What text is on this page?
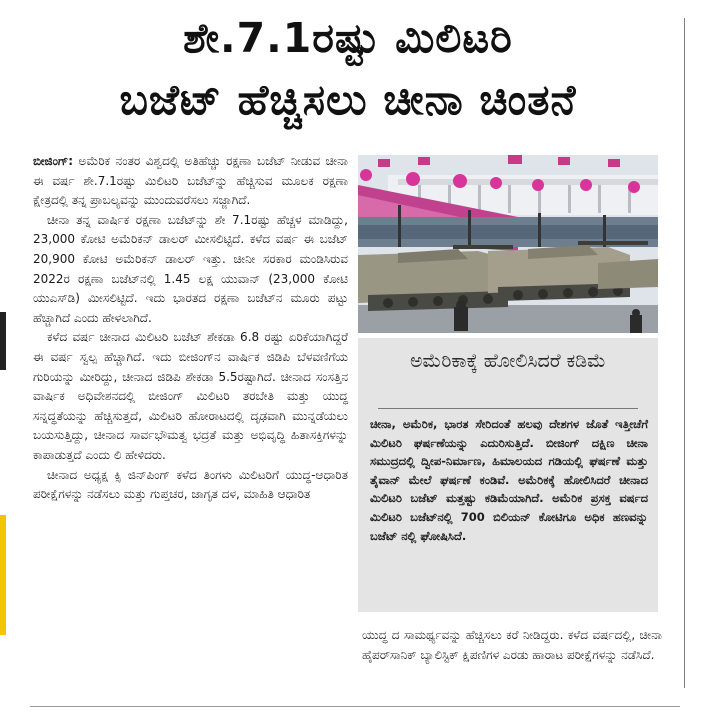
ಶೇ.7.1ರಷ್ಟು ಮಿಲಿಟರಿ
ಬಜೆಟ್ ಹೆಚ್ಚಿಸಲು ಚೀನಾ ಚಿಂತನೆ

ಬೀಜಿಂಗ್: ಅಮೆರಿಕ ನಂತರ ವಿಶ್ವದಲ್ಲಿ ಅತಿಹೆಚ್ಚು ರಕ್ಷಣಾ ಬಜೆಟ್ ನೀಡುವ ಚೀನಾ ಈ ವರ್ಷ ಶೇ.7.1ರಷ್ಟು ಮಿಲಿಟರಿ ಬಜೆಟ್‌ನ್ನು ಹೆಚ್ಚಿಸುವ ಮೂಲಕ ರಕ್ಷಣಾ ಕ್ಷೇತ್ರದಲ್ಲಿ ತನ್ನ ಪ್ರಾಬಲ್ಯವನ್ನು ಮುಂದುವರೆಸಲು ಸಜ್ಜಾಗಿದೆ.

ಚೀನಾ ತನ್ನ ವಾರ್ಷಿಕ ರಕ್ಷಣಾ ಬಜೆಟ್‌ನ್ನು ಶೇ 7.1ರಷ್ಟು ಹೆಚ್ಚಳ ಮಾಡಿದ್ದು, 23,000 ಕೋಟಿ ಅಮೆರಿಕನ್ ಡಾಲರ್ ಮೀಸಲಿಟ್ಟಿದೆ. ಕಳೆದ ವರ್ಷ ಈ ಬಜೆಟ್ 20,900 ಕೋಟಿ ಅಮೆರಿಕನ್ ಡಾಲರ್ ಇತ್ತು. ಚೀನೀ ಸರಕಾರ ಮಂಡಿಸಿರುವ 2022ರ ರಕ್ಷಣಾ ಬಜೆಟ್‌ನಲ್ಲಿ 1.45 ಲಕ್ಷ ಯುವಾನ್ (23,000 ಕೋಟಿ ಯುಎಸ್‌ಡಿ) ಮೀಸಲಿಟ್ಟಿದೆ. ಇದು ಭಾರತದ ರಕ್ಷಣಾ ಬಜೆಟ್‌ನ ಮೂರು ಪಟ್ಟು ಹೆಚ್ಚಾಗಿದೆ ಎಂದು ಹೇಳಲಾಗಿದೆ.

ಕಳೆದ ವರ್ಷ ಚೀನಾದ ಮಿಲಿಟರಿ ಬಜೆಟ್ ಶೇಕಡಾ 6.8 ರಷ್ಟು ಏರಿಕೆಯಾಗಿದ್ದರೆ ಈ ವರ್ಷ ಸ್ವಲ್ಪ ಹೆಚ್ಚಾಗಿದೆ. ಇದು ಬೀಜಿಂಗ್‌ನ ವಾರ್ಷಿಕ ಜಿಡಿಪಿ ಬೆಳವಣಿಗೆಯ ಗುರಿಯನ್ನು ಮೀರಿದ್ದು, ಚೀನಾದ ಜಿಡಿಪಿ ಶೇಕಡಾ 5.5ರಷ್ಟಾಗಿದೆ. ಚೀನಾದ ಸಂಸತ್ತಿನ ವಾರ್ಷಿಕ ಅಧಿವೇಶನದಲ್ಲಿ ಬೀಜಿಂಗ್ ಮಿಲಿಟರಿ ತರಬೇತಿ ಮತ್ತು ಯುದ್ಧ ಸನ್ನದ್ಧತೆಯನ್ನು ಹೆಚ್ಚಿಸುತ್ತದೆ, ಮಿಲಿಟರಿ ಹೋರಾಟದಲ್ಲಿ ದೃಢವಾಗಿ ಮುನ್ನಡೆಯಲು ಬಯಸುತ್ತಿದ್ದು, ಚೀನಾದ ಸಾರ್ವಭೌಮತ್ವ ಭದ್ರತೆ ಮತ್ತು ಅಭಿವೃದ್ಧಿ ಹಿತಾಸಕ್ತಿಗಳನ್ನು ಕಾಪಾಡುತ್ತದೆ ಎಂದು ಲಿ ಹೇಳಿದರು.

ಚೀನಾದ ಅಧ್ಯಕ್ಷ ಕ್ಸಿ ಜಿನ್‌ಪಿಂಗ್ ಕಳೆದ ತಿಂಗಳು ಮಿಲಿಟರಿಗೆ ಯುದ್ಧ-ಆಧಾರಿತ ಪರೀಕ್ಷೆಗಳನ್ನು ನಡೆಸಲು ಮತ್ತು ಗುಪ್ತಚರ, ಜಾಗೃತ ದಳ, ಮಾಹಿತಿ ಆಧಾರಿತ

ಅಮೆರಿಕಾಕ್ಕೆ ಹೋಲಿಸಿದರೆ ಕಡಿಮೆ
ಚೀನಾ, ಅಮೆರಿಕ, ಭಾರತ ಸೇರಿದಂತೆ ಹಲವು ದೇಶಗಳ ಜೊತೆ ಇತ್ತೀಚೆಗೆ ಮಿಲಿಟರಿ ಘರ್ಷಣೆಯನ್ನು ಎದುರಿಸುತ್ತಿದೆ. ಬೀಜಿಂಗ್ ದಕ್ಷಿಣ ಚೀನಾ ಸಮುದ್ರದಲ್ಲಿ ದ್ವೀಪ-ನಿರ್ಮಾಣ, ಹಿಮಾಲಯದ ಗಡಿಯಲ್ಲಿ ಘರ್ಷಣೆ ಮತ್ತು ತೈವಾನ್ ಮೇಲೆ ಘರ್ಷಣೆ ಕಂಡಿವೆ. ಅಮೆರಿಕಕ್ಕೆ ಹೋಲಿಸಿದರೆ ಚೀನಾದ ಮಿಲಿಟರಿ ಬಜೆಟ್ ಮತ್ತಷ್ಟು ಕಡಿಮೆಯಾಗಿದೆ. ಅಮೆರಿಕ ಪ್ರಸಕ್ತ ವರ್ಷದ ಮಿಲಿಟರಿ ಬಜೆಟ್‌ನಲ್ಲಿ 700 ಬಿಲಿಯನ್ ಕೋಟಿಗೂ ಅಧಿಕ ಹಣವನ್ನು ಬಜೆಟ್ ನಲ್ಲಿ ಘೋಷಿಸಿದೆ.
ಯುದ್ಧ ದ ಸಾಮರ್ಥ್ಯವನ್ನು ಹೆಚ್ಚಿಸಲು ಕರೆ ನೀಡಿದ್ದರು. ಕಳೆದ ವರ್ಷದಲ್ಲಿ, ಚೀನಾ ಹೈಪರ್‌ಸಾನಿಕ್ ಬ್ಯಾಲಿಸ್ಟಿಕ್ ಕ್ಷಿಪಣಿಗಳ ಎರಡು ಹಾರಾಟ ಪರೀಕ್ಷೆಗಳನ್ನು ನಡೆಸಿದೆ.
